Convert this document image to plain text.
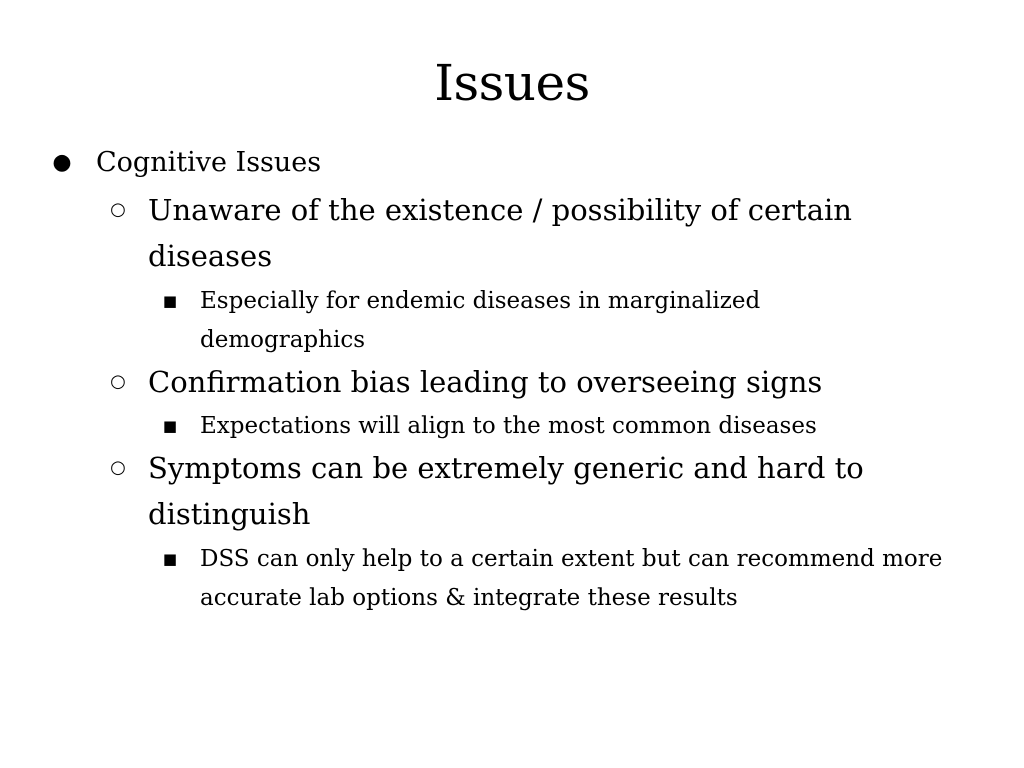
Issues
● Cognitive Issues
○ Unaware of the existence / possibility of certain diseases
■ Especially for endemic diseases in marginalized demographics
○ Confirmation bias leading to overseeing signs
■ Expectations will align to the most common diseases
○ Symptoms can be extremely generic and hard to distinguish
■ DSS can only help to a certain extent but can recommend more accurate lab options & integrate these results
